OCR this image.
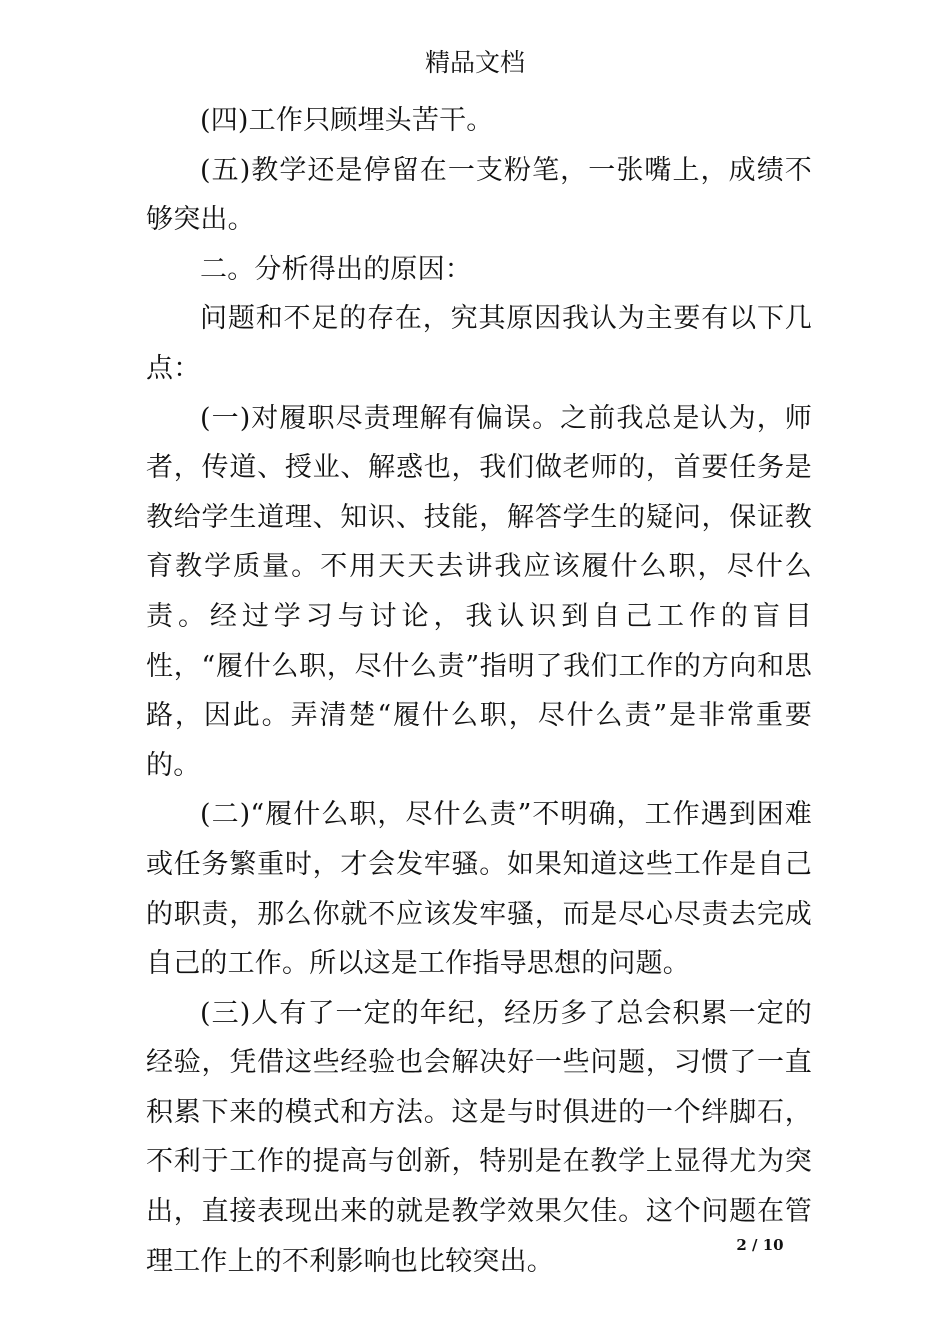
精品文档

(四)工作只顾埋头苦干。

(五)教学还是停留在一支粉笔，一张嘴上，成绩不够突出。

二。分析得出的原因：

问题和不足的存在，究其原因我认为主要有以下几点：

(一)对履职尽责理解有偏误。之前我总是认为，师者，传道、授业、解惑也，我们做老师的，首要任务是教给学生道理、知识、技能，解答学生的疑问，保证教育教学质量。不用天天去讲我应该履什么职，尽什么责。经过学习与讨论，我认识到自己工作的盲目性，“履什么职，尽什么责”指明了我们工作的方向和思路，因此。弄清楚“履什么职，尽什么责”是非常重要的。

(二)“履什么职，尽什么责”不明确，工作遇到困难或任务繁重时，才会发牢骚。如果知道这些工作是自己的职责，那么你就不应该发牢骚，而是尽心尽责去完成自己的工作。所以这是工作指导思想的问题。

(三)人有了一定的年纪，经历多了总会积累一定的经验，凭借这些经验也会解决好一些问题，习惯了一直积累下来的模式和方法。这是与时俱进的一个绊脚石，不利于工作的提高与创新，特别是在教学上显得尤为突出，直接表现出来的就是教学效果欠佳。这个问题在管理工作上的不利影响也比较突出。

2 / 10
